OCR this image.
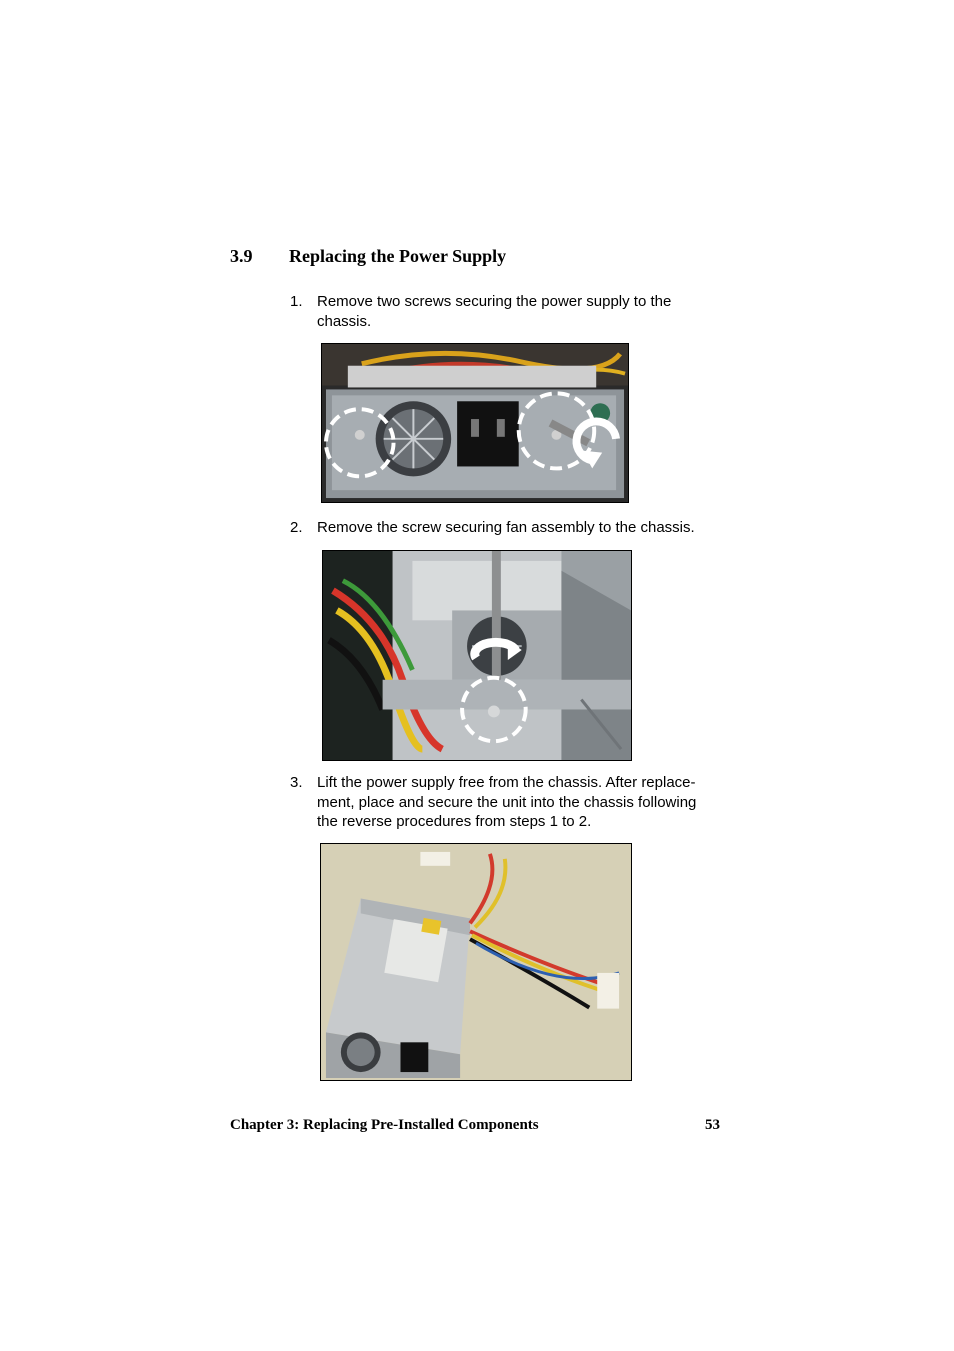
3.9 Replacing the Power Supply
1. Remove two screws securing the power supply to the
chassis.
2. Remove the screw securing fan assembly to the chassis.
3. Lift the power supply free from the chassis. After replace-
ment, place and secure the unit into the chassis following
the reverse procedures from steps 1 to 2.
Chapter 3: Replacing Pre-Installed Components	53
